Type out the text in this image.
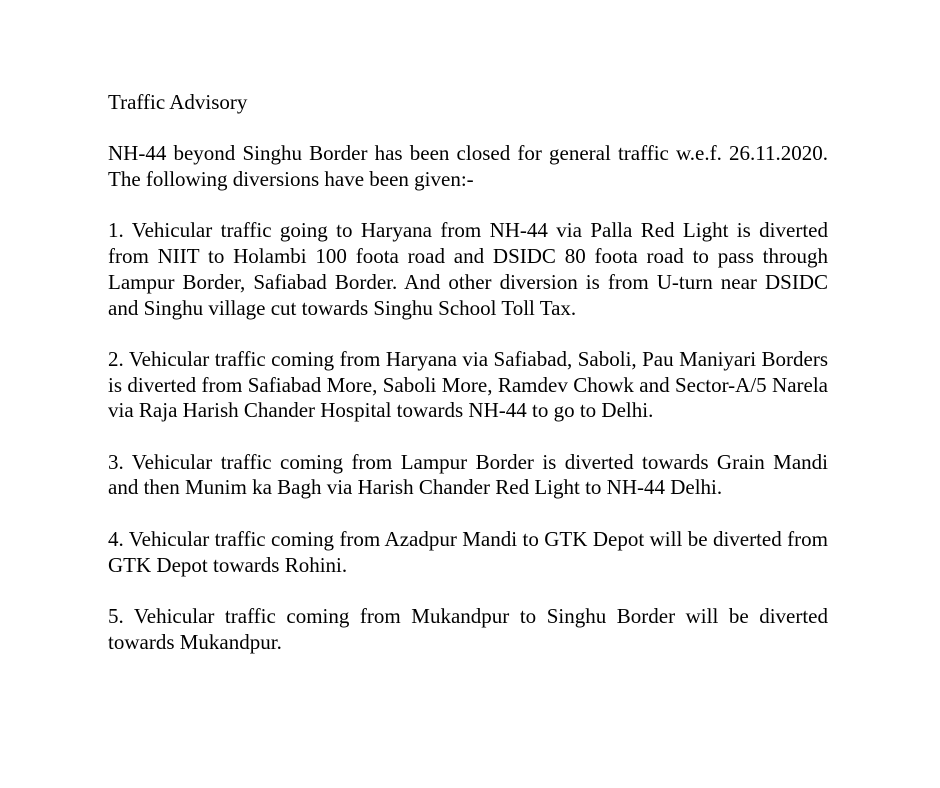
Traffic Advisory
NH-44 beyond Singhu Border has been closed for general traffic w.e.f. 26.11.2020. The following diversions have been given:-
1. Vehicular traffic going to Haryana from NH-44 via Palla Red Light is diverted from NIIT to Holambi 100 foota road and DSIDC 80 foota road to pass through Lampur Border, Safiabad Border. And other diversion is from U-turn near DSIDC and Singhu village cut towards Singhu School Toll Tax.
2. Vehicular traffic coming from Haryana via Safiabad, Saboli, Pau Maniyari Borders is diverted from Safiabad More, Saboli More, Ramdev Chowk and Sector-A/5 Narela via Raja Harish Chander Hospital towards NH-44 to go to Delhi.
3. Vehicular traffic coming from Lampur Border is diverted towards Grain Mandi and then Munim ka Bagh via Harish Chander Red Light to NH-44 Delhi.
4. Vehicular traffic coming from Azadpur Mandi to GTK Depot will be diverted from GTK Depot towards Rohini.
5. Vehicular traffic coming from Mukandpur to Singhu Border will be diverted towards Mukandpur.
